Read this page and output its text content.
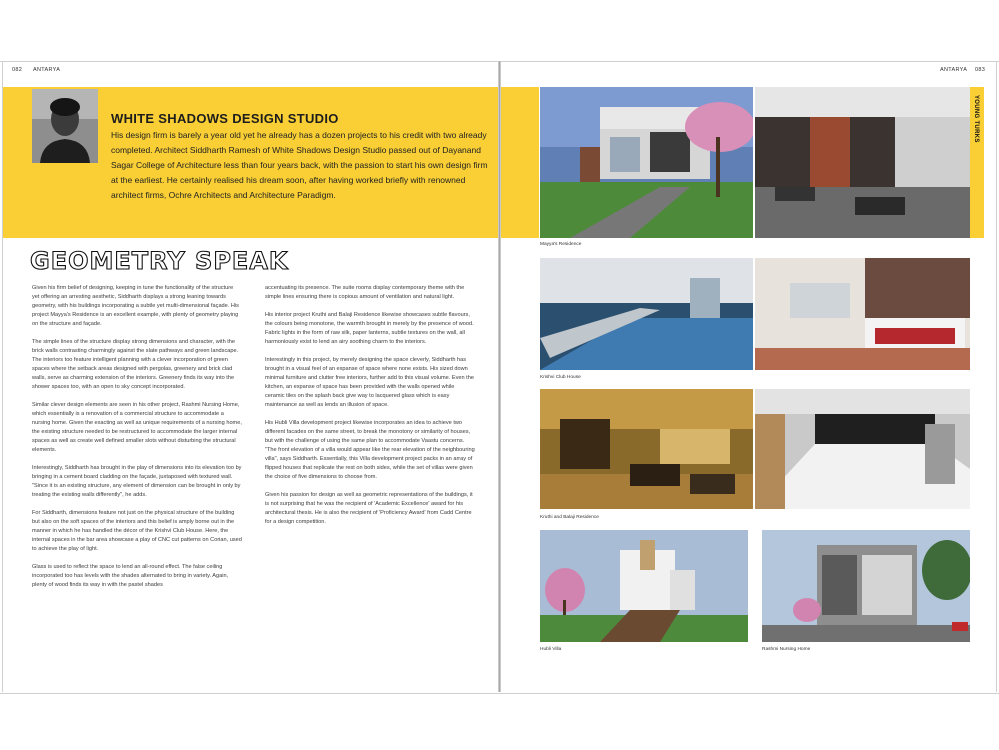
082 ANTARYA	ANTARYA 083
WHITE SHADOWS DESIGN STUDIO

His design firm is barely a year old yet he already has a dozen projects to his credit with two already completed. Architect Siddharth Ramesh of White Shadows Design Studio passed out of Dayanand Sagar College of Architecture less than four years back, with the passion to start his own design firm at the earliest. He certainly realised his dream soon, after having worked briefly with renowned architect firms, Ochre Architects and Architecture Paradigm.

GEOMETRY SPEAK

Given his firm belief of designing, keeping in tune the functionality of the structure yet offering an arresting aesthetic, Siddharth displays a strong leaning towards geometry, with his buildings incorporating a subtle yet multi-dimensional façade. His project Mayya's Residence is an excellent example, with plenty of geometry playing on the structure and façade.

The simple lines of the structure display strong dimensions and character, with the brick walls contrasting charmingly against the slate pathways and green landscape. The interiors too feature intelligent planning with a clever incorporation of green spaces where the setback areas designed with pergolas, greenery and brick clad walls, serve as charming extension of the interiors. Greenery finds its way into the shower spaces too, with an open to sky concept incorporated.

Similar clever design elements are seen in his other project, Rashmi Nursing Home, which essentially is a renovation of a commercial structure to accommodate a nursing home. Given the exacting as well as unique requirements of a nursing home, the existing structure needed to be restructured to accommodate the larger internal spaces as well as create well defined smaller slots without disturbing the structural elements.

Interestingly, Siddharth has brought in the play of dimensions into its elevation too by bringing in a cement board cladding on the façade, juxtaposed with textured wall. "Since it is an existing structure, any element of dimension can be brought in only by treating the existing walls differently", he adds.

For Siddharth, dimensions feature not just on the physical structure of the building but also on the soft spaces of the interiors and this belief is amply borne out in the manner in which he has handled the décor of the Krishvi Club House. Here, the internal spaces in the bar area showcase a play of CNC cut patterns on Corian, used to achieve the play of light.

Glass is used to reflect the space to lend an all-round effect. The false ceiling incorporated too has levels with the shades alternated to bring in variety. Again, plenty of wood finds its way in with the pastel shades

accentuating its presence. The suite rooms display contemporary theme with the simple lines ensuring there is copious amount of ventilation and natural light.

His interior project Kruthi and Balaji Residence likewise showcases subtle flavours, the colours being monotone, the warmth brought in merely by the presence of wood. Fabric lights in the form of raw silk, paper lanterns, subtle textures on the wall, all harmoniously exist to lend an airy soothing charm to the interiors.

Interestingly in this project, by merely designing the space cleverly, Siddharth has brought in a visual feel of an expanse of space where none exists. His sized down minimal furniture and clutter free interiors, further add to this visual volume. Even the kitchen, an expanse of space has been provided with the walls opened while ceramic tiles on the splash back give way to lacquered glass which is easy maintenance as well as lends an illusion of space.

His Hubli Villa development project likewise incorporates an idea to achieve two different facades on the same street, to break the monotony or similarity of houses, but with the challenge of using the same plan to accommodate Vaastu concerns. "The front elevation of a villa would appear like the rear elevation of the neighbouring villa", says Siddharth. Essentially, this Villa development project packs in an array of flipped houses that replicate the rest on both sides, while the set of villas were given the choice of five dimensions to choose from.

Given his passion for design as well as geometric representations of the buildings, it is not surprising that he was the recipient of 'Academic Excellence' award for his architectural thesis. He is also the recipient of 'Proficiency Award' from Cadd Centre for a design competition.

Mayya's Residence
YOUNG TURKS
Krishvi Club House
Kruthi and Balaji Residence
Hubli Villa	Rashmi Nursing Home
